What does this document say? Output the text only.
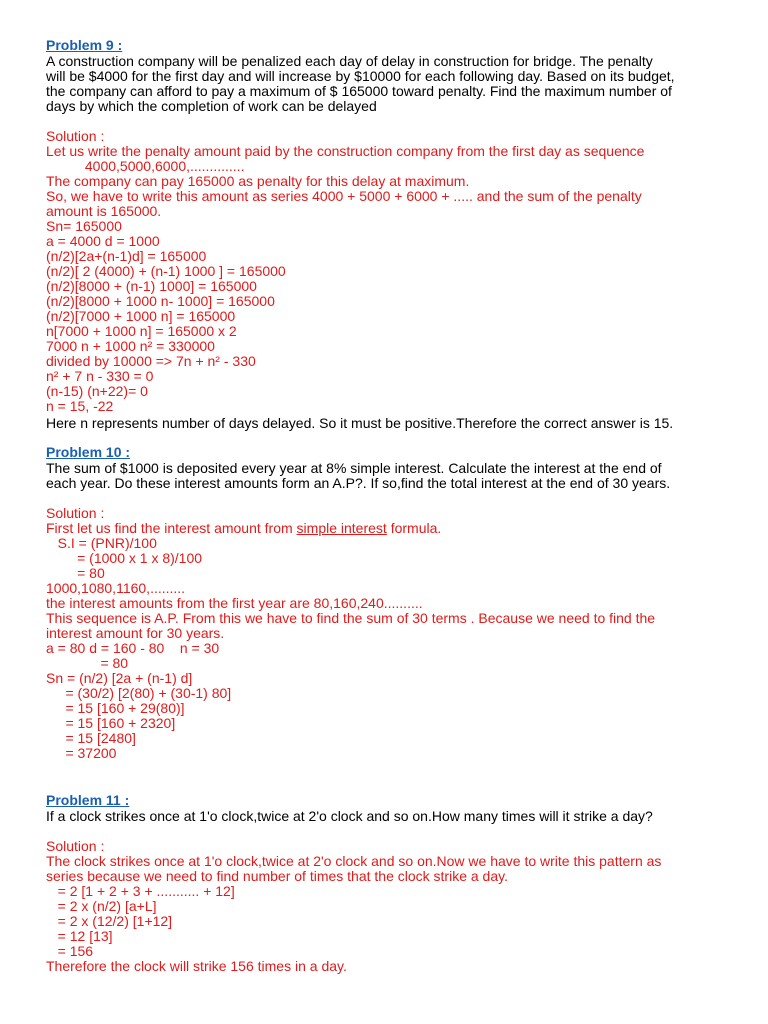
Problem 9 :
A construction company will be penalized each day of delay in construction for bridge. The penalty
will be $4000 for the first day and will increase by $10000 for each following day. Based on its budget,
the company can afford to pay a maximum of $ 165000 toward penalty. Find the maximum number of
days by which the completion of work can be delayed
Solution :
Let us write the penalty amount paid by the construction company from the first day as sequence
4000,5000,6000,..............
The company can pay 165000 as penalty for this delay at maximum.
So, we have to write this amount as series 4000 + 5000 + 6000 + ..... and the sum of the penalty
amount is 165000.
Sn= 165000
a = 4000 d = 1000
(n/2)[2a+(n-1)d] = 165000
(n/2)[ 2 (4000) + (n-1) 1000 ] = 165000
(n/2)[8000 + (n-1) 1000] = 165000
(n/2)[8000 + 1000 n- 1000] = 165000
(n/2)[7000 + 1000 n] = 165000
n[7000 + 1000 n] = 165000 x 2
7000 n + 1000 n² = 330000
divided by 10000 => 7n + n² - 330
n² + 7 n - 330 = 0
(n-15) (n+22)= 0
n = 15, -22
Here n represents number of days delayed. So it must be positive.Therefore the correct answer is 15.
Problem 10 :
The sum of $1000 is deposited every year at 8% simple interest. Calculate the interest at the end of
each year. Do these interest amounts form an A.P?. If so,find the total interest at the end of 30 years.
Solution :
First let us find the interest amount from simple interest formula.
S.I = (PNR)/100
= (1000 x 1 x 8)/100
= 80
1000,1080,1160,.........
the interest amounts from the first year are 80,160,240..........
This sequence is A.P. From this we have to find the sum of 30 terms . Because we need to find the
interest amount for 30 years.
a = 80 d = 160 - 80    n = 30
= 80
Sn = (n/2) [2a + (n-1) d]
= (30/2) [2(80) + (30-1) 80]
= 15 [160 + 29(80)]
= 15 [160 + 2320]
= 15 [2480]
= 37200
Problem 11 :
If a clock strikes once at 1'o clock,twice at 2'o clock and so on.How many times will it strike a day?
Solution :
The clock strikes once at 1'o clock,twice at 2'o clock and so on.Now we have to write this pattern as
series because we need to find number of times that the clock strike a day.
= 2 [1 + 2 + 3 + ........... + 12]
= 2 x (n/2) [a+L]
= 2 x (12/2) [1+12]
= 12 [13]
= 156
Therefore the clock will strike 156 times in a day.
